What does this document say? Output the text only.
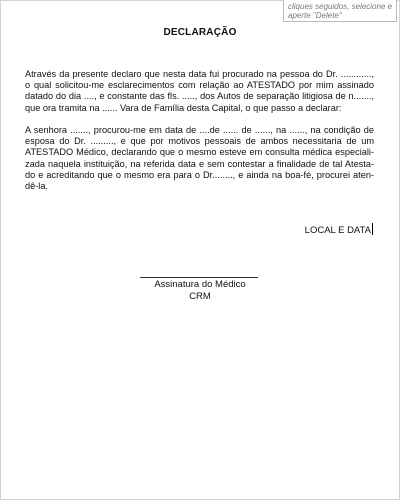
cliques seguidos, selecione e
aperte "Delete"
DECLARAÇÃO
Através da presente declaro que nesta data fui procurado na pessoa do Dr. ............,
o qual solicitou-me esclarecimentos com relação ao ATESTADO por mim assinado
datado do dia ...., e constante das fls. ....., dos Autos de separação litigiosa de n.......,
que ora tramita na ...... Vara de Família desta Capital, o que passo a declarar:
A senhora ......., procurou-me em data de ....de ...... de ......, na ......, na condição de
esposa do Dr. ........., e que por motivos pessoais de ambos necessitaria de um
ATESTADO Médico, declarando que o mesmo esteve em consulta médica especiali-
zada naquela instituição, na referida data e sem contestar a finalidade de tal Atesta-
do e acreditando que o mesmo era para o Dr........, e ainda na boa-fé, procurei aten-
dê-la.
LOCAL E DATA
Assinatura do Médico
CRM
